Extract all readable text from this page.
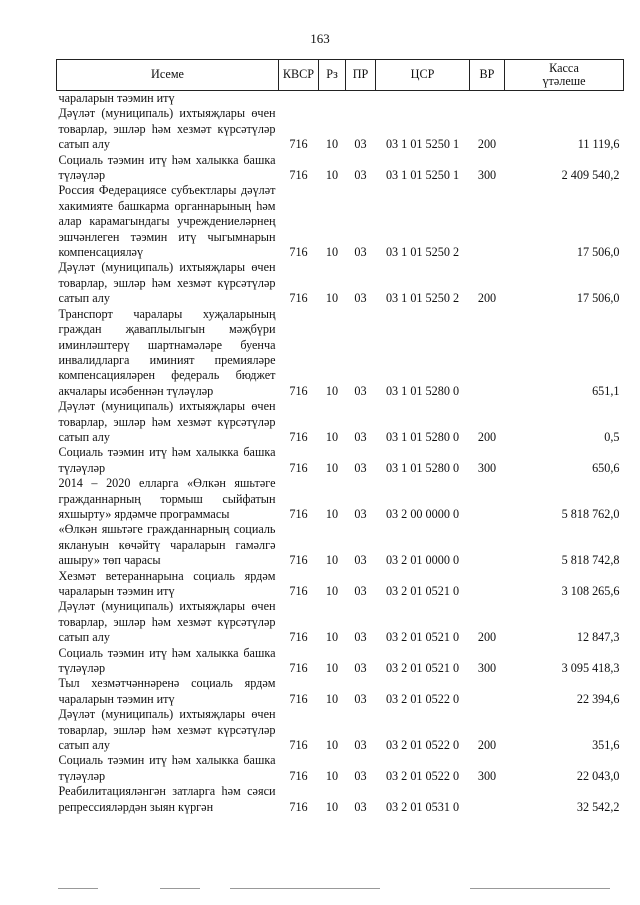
163
Исеме	КВСР	Рз	ПР	ЦСР	ВР	Касса
үтәлеше

чараларын тәэмин итү						
Дәүләт (муниципаль) ихтыяҗлары өчен товарлар, эшләр һәм хезмәт күрсәтүләр сатып алу	716	10	03	03 1 01 5250 1	200	11 119,6
Социаль тәэмин итү һәм халыкка башка түләүләр	716	10	03	03 1 01 5250 1	300	2 409 540,2
Россия Федерациясе субъектлары дәүләт хакимияте башкарма органнарының һәм алар карамагындагы учреждениеләрнең эшчәнлеген тәэмин итү чыгымнарын компенсацияләү	716	10	03	03 1 01 5250 2		17 506,0
Дәүләт (муниципаль) ихтыяҗлары өчен товарлар, эшләр һәм хезмәт күрсәтүләр сатып алу	716	10	03	03 1 01 5250 2	200	17 506,0
Транспорт чаралары хуҗаларының граждан җаваплылыгын мәҗбүри иминләштерү шартнамәләре буенча инвалидларга иминият премияләре компенсацияләрен федераль бюджет акчалары исәбеннән түләүләр	716	10	03	03 1 01 5280 0		651,1
Дәүләт (муниципаль) ихтыяҗлары өчен товарлар, эшләр һәм хезмәт күрсәтүләр сатып алу	716	10	03	03 1 01 5280 0	200	0,5
Социаль тәэмин итү һәм халыкка башка түләүләр	716	10	03	03 1 01 5280 0	300	650,6
2014 – 2020 елларга «Өлкән яшьтәге гражданнарның тормыш сыйфатын яхшырту» ярдәмче программасы	716	10	03	03 2 00 0000 0		5 818 762,0
«Өлкән яшьтәге гражданнарның социаль яклануын көчәйтү чараларын гамәлгә ашыру» төп чарасы	716	10	03	03 2 01 0000 0		5 818 742,8
Хезмәт ветераннарына социаль ярдәм чараларын тәэмин итү	716	10	03	03 2 01 0521 0		3 108 265,6
Дәүләт (муниципаль) ихтыяҗлары өчен товарлар, эшләр һәм хезмәт күрсәтүләр сатып алу	716	10	03	03 2 01 0521 0	200	12 847,3
Социаль тәэмин итү һәм халыкка башка түләүләр	716	10	03	03 2 01 0521 0	300	3 095 418,3
Тыл хезмәтчәннәренә социаль ярдәм чараларын тәэмин итү	716	10	03	03 2 01 0522 0		22 394,6
Дәүләт (муниципаль) ихтыяҗлары өчен товарлар, эшләр һәм хезмәт күрсәтүләр сатып алу	716	10	03	03 2 01 0522 0	200	351,6
Социаль тәэмин итү һәм халыкка башка түләүләр	716	10	03	03 2 01 0522 0	300	22 043,0
Реабилитацияләнгән затларга һәм сәяси репрессияләрдән зыян күргән	716	10	03	03 2 01 0531 0		32 542,2
